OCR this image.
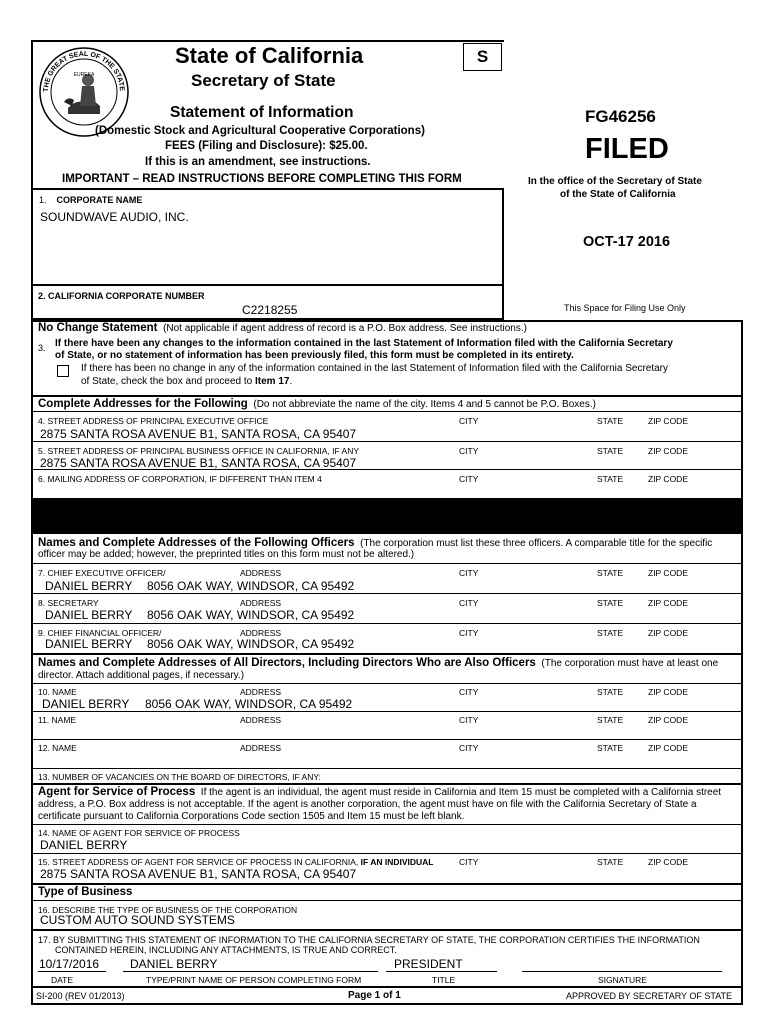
THE GREAT SEAL OF THE STATE
EUREKA
State of California
Secretary of State
S
Statement of Information
(Domestic Stock and Agricultural Cooperative Corporations)
FEES (Filing and Disclosure): $25.00.
If this is an amendment, see instructions.
IMPORTANT – READ INSTRUCTIONS BEFORE COMPLETING THIS FORM
1. CORPORATE NAME
SOUNDWAVE AUDIO, INC.
2. CALIFORNIA CORPORATE NUMBER
C2218255
FG46256
FILED
In the office of the Secretary of State
of the State of California
OCT-17 2016
This Space for Filing Use Only
No Change Statement (Not applicable if agent address of record is a P.O. Box address. See instructions.)
3. If there have been any changes to the information contained in the last Statement of Information filed with the California Secretary
of State, or no statement of information has been previously filed, this form must be completed in its entirety.
If there has been no change in any of the information contained in the last Statement of Information filed with the California Secretary
of State, check the box and proceed to Item 17.
Complete Addresses for the Following (Do not abbreviate the name of the city. Items 4 and 5 cannot be P.O. Boxes.)
4. STREET ADDRESS OF PRINCIPAL EXECUTIVE OFFICE	CITY	STATE	ZIP CODE
2875 SANTA ROSA AVENUE B1, SANTA ROSA, CA 95407
5. STREET ADDRESS OF PRINCIPAL BUSINESS OFFICE IN CALIFORNIA, IF ANY	CITY	STATE	ZIP CODE
2875 SANTA ROSA AVENUE B1, SANTA ROSA, CA 95407
6. MAILING ADDRESS OF CORPORATION, IF DIFFERENT THAN ITEM 4	CITY	STATE	ZIP CODE
Names and Complete Addresses of the Following Officers (The corporation must list these three officers. A comparable title for the specific
officer may be added; however, the preprinted titles on this form must not be altered.)
7. CHIEF EXECUTIVE OFFICER/	ADDRESS	CITY	STATE	ZIP CODE
DANIEL BERRY 8056 OAK WAY, WINDSOR, CA 95492
8. SECRETARY	ADDRESS	CITY	STATE	ZIP CODE
DANIEL BERRY 8056 OAK WAY, WINDSOR, CA 95492
9. CHIEF FINANCIAL OFFICER/	ADDRESS	CITY	STATE	ZIP CODE
DANIEL BERRY 8056 OAK WAY, WINDSOR, CA 95492
Names and Complete Addresses of All Directors, Including Directors Who are Also Officers (The corporation must have at least one
director. Attach additional pages, if necessary.)
10. NAME	ADDRESS	CITY	STATE	ZIP CODE
DANIEL BERRY 8056 OAK WAY, WINDSOR, CA 95492
11. NAME	ADDRESS	CITY	STATE	ZIP CODE
12. NAME	ADDRESS	CITY	STATE	ZIP CODE
13. NUMBER OF VACANCIES ON THE BOARD OF DIRECTORS, IF ANY:
Agent for Service of Process If the agent is an individual, the agent must reside in California and Item 15 must be completed with a California street
address, a P.O. Box address is not acceptable. If the agent is another corporation, the agent must have on file with the California Secretary of State a
certificate pursuant to California Corporations Code section 1505 and Item 15 must be left blank.
14. NAME OF AGENT FOR SERVICE OF PROCESS
DANIEL BERRY
15. STREET ADDRESS OF AGENT FOR SERVICE OF PROCESS IN CALIFORNIA, IF AN INDIVIDUAL	CITY	STATE	ZIP CODE
2875 SANTA ROSA AVENUE B1, SANTA ROSA, CA 95407
Type of Business
16. DESCRIBE THE TYPE OF BUSINESS OF THE CORPORATION
CUSTOM AUTO SOUND SYSTEMS
17. BY SUBMITTING THIS STATEMENT OF INFORMATION TO THE CALIFORNIA SECRETARY OF STATE, THE CORPORATION CERTIFIES THE INFORMATION
CONTAINED HEREIN, INCLUDING ANY ATTACHMENTS, IS TRUE AND CORRECT.
10/17/2016	DANIEL BERRY	PRESIDENT
DATE	TYPE/PRINT NAME OF PERSON COMPLETING FORM	TITLE	SIGNATURE
SI-200 (REV 01/2013)	Page 1 of 1	APPROVED BY SECRETARY OF STATE
